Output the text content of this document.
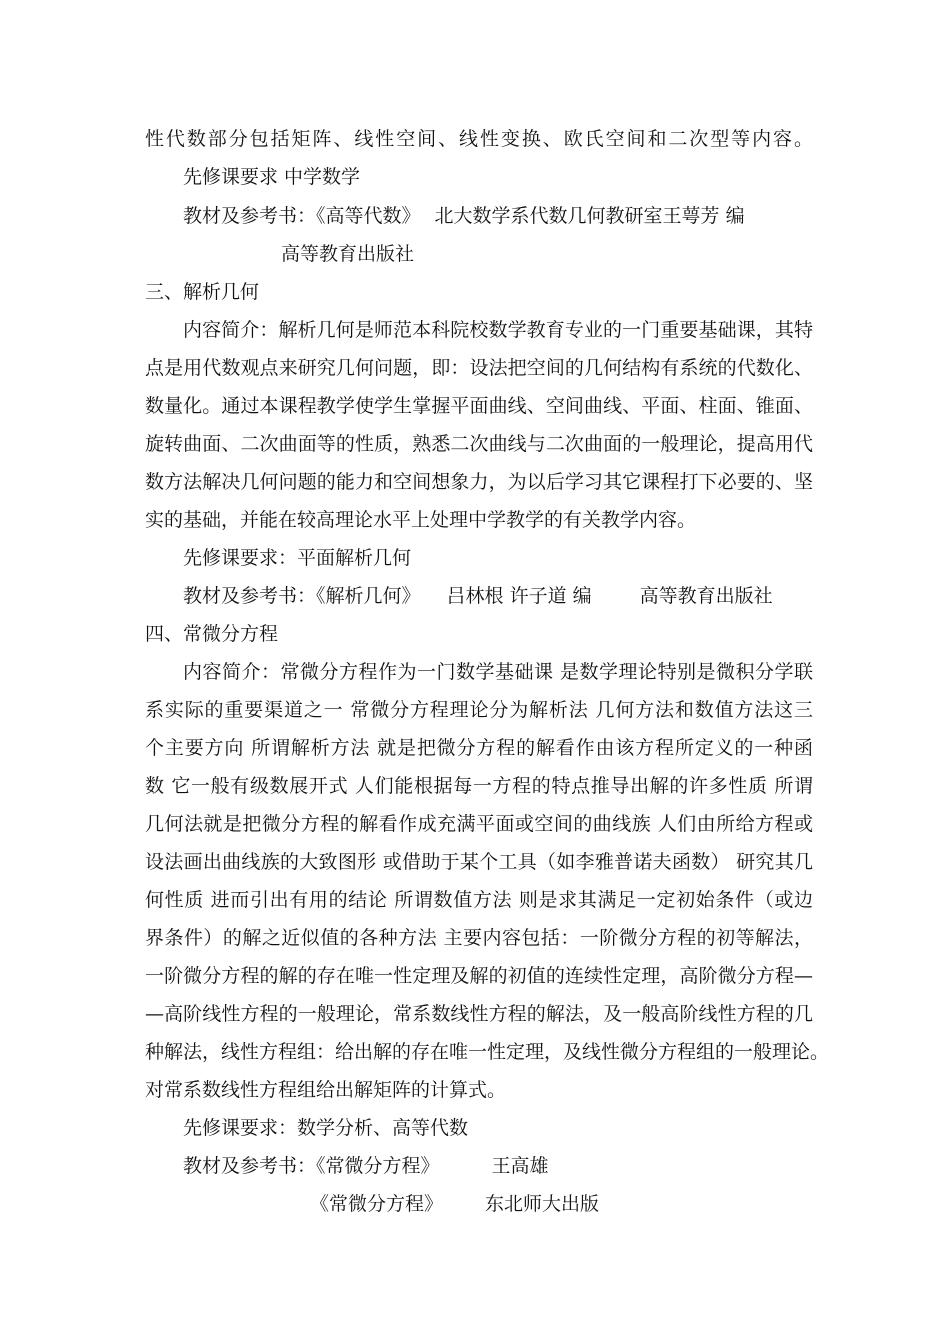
性代数部分包括矩阵、线性空间、线性变换、欧氏空间和二次型等内容。
先修课要求 中学数学
教材及参考书：《高等代数》 北大数学系代数几何教研室王萼芳 编
高等教育出版社
三、解析几何
内容简介：解析几何是师范本科院校数学教育专业的一门重要基础课，其特
点是用代数观点来研究几何问题，即：设法把空间的几何结构有系统的代数化、
数量化。通过本课程教学使学生掌握平面曲线、空间曲线、平面、柱面、锥面、
旋转曲面、二次曲面等的性质，熟悉二次曲线与二次曲面的一般理论，提高用代
数方法解决几何问题的能力和空间想象力，为以后学习其它课程打下必要的、坚
实的基础，并能在较高理论水平上处理中学教学的有关教学内容。
先修课要求：平面解析几何
教材及参考书：《解析几何》 吕林根 许子道 编	高等教育出版社
四、常微分方程
内容简介：常微分方程作为一门数学基础课 是数学理论特别是微积分学联
系实际的重要渠道之一 常微分方程理论分为解析法 几何方法和数值方法这三
个主要方向 所谓解析方法 就是把微分方程的解看作由该方程所定义的一种函
数 它一般有级数展开式 人们能根据每一方程的特点推导出解的许多性质 所谓
几何法就是把微分方程的解看作成充满平面或空间的曲线族 人们由所给方程或
设法画出曲线族的大致图形 或借助于某个工具（如李雅普诺夫函数） 研究其几
何性质 进而引出有用的结论 所谓数值方法 则是求其满足一定初始条件（或边
界条件）的解之近似值的各种方法 主要内容包括：一阶微分方程的初等解法，
一阶微分方程的解的存在唯一性定理及解的初值的连续性定理，高阶微分方程—
—高阶线性方程的一般理论，常系数线性方程的解法，及一般高阶线性方程的几
种解法，线性方程组：给出解的存在唯一性定理，及线性微分方程组的一般理论。
对常系数线性方程组给出解矩阵的计算式。
先修课要求：数学分析、高等代数
教材及参考书：《常微分方程》	王高雄
《常微分方程》 东北师大出版
